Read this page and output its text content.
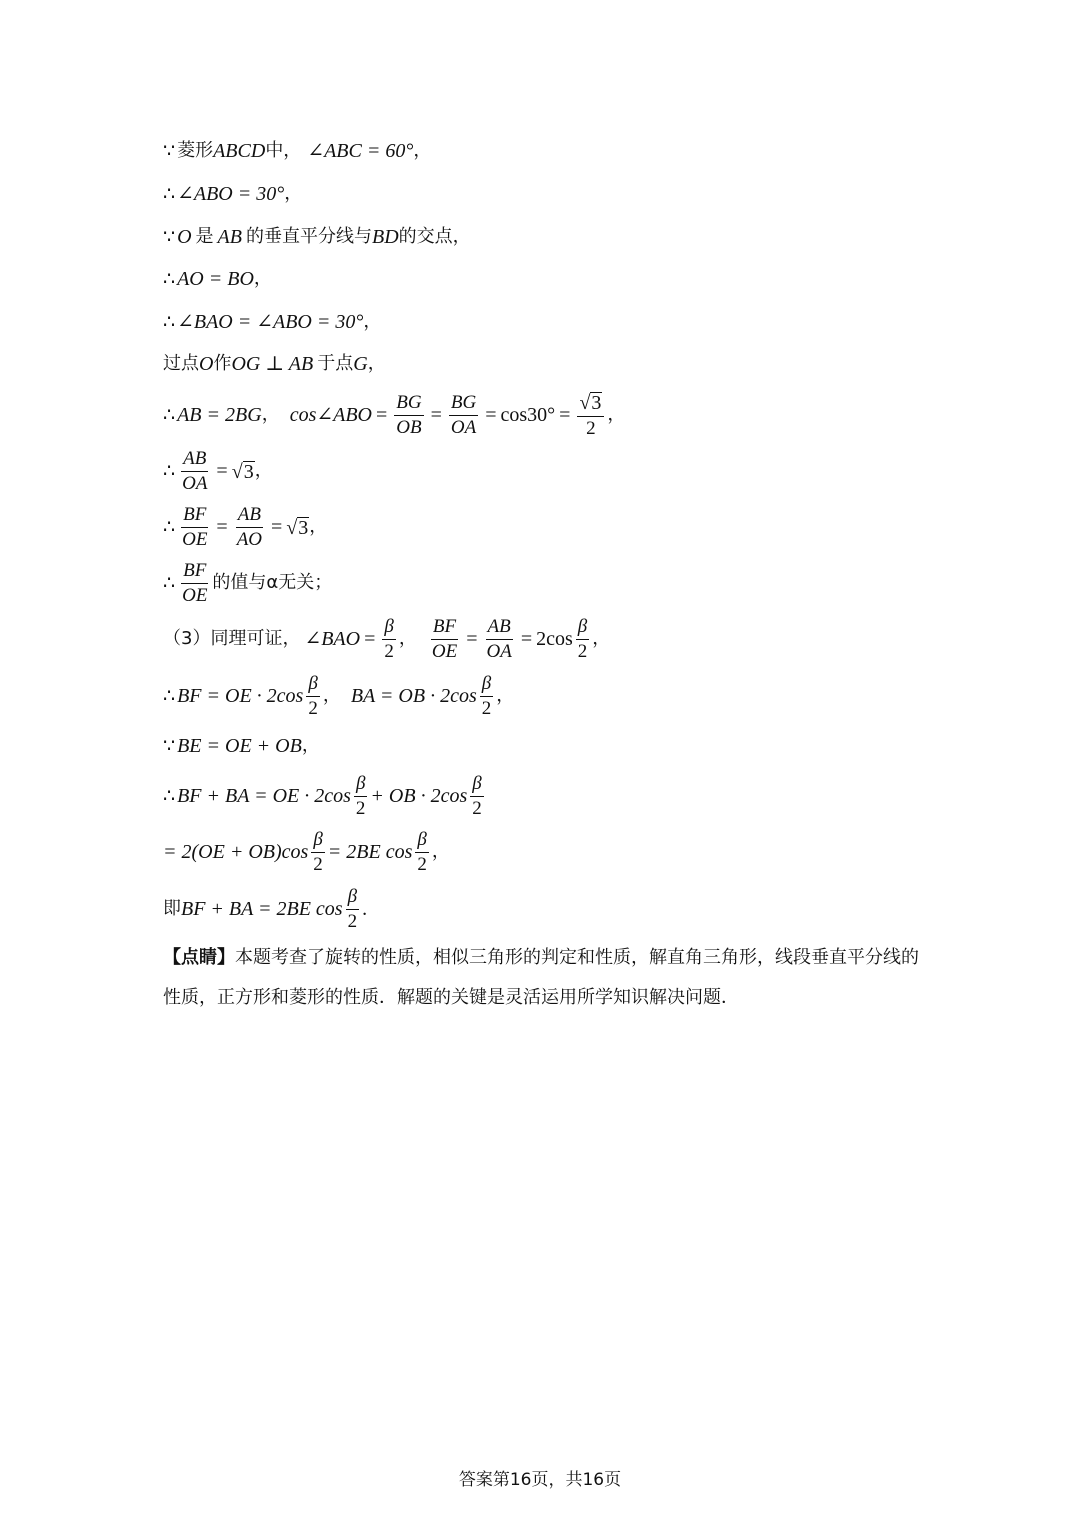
∵ 菱形 ABCD 中， ∠ABC = 60° ，
∴ ∠ABO = 30° ，
∵ O 是 AB 的垂直平分线与 BD 的交点，
∴ AO = BO ，
∴ ∠BAO = ∠ABO = 30° ，
过点 O 作 OG ⊥ AB 于点 G ，
∴ AB = 2BG ， cos∠ABO = $\frac{BG}{OB} = \frac{BG}{OA} = \cos 30^\circ = \frac{√ 3}{2}$ ，
∴ $\frac{AB}{OA}$ = √ 3 ，
∴ $\frac{BF}{OE} = \frac{AB}{AO}$ = √ 3 ，
∴ $\frac{BF}{OE}$ 的值与α无关；
（3）同理可证， ∠BAO = $\frac{\beta}{2}$ ， $\frac{BF}{OE} = \frac{AB}{OA} = 2\cos \frac{\beta}{2}$ ，
∴ BF = OE · $2\cos \frac{\beta}{2}$ ， BA = OB · $2\cos \frac{\beta}{2}$ ，
∵ BE = OE + OB ，
∴ BF + BA = OE · $2\cos \frac{\beta}{2}$ + OB · $2\cos \frac{\beta}{2}$
= $2(OE + OB)\cos \frac{\beta}{2} = 2BE$ $\cos \frac{\beta}{2}$ ，
即 BF + BA = 2BE $\cos \frac{\beta}{2}$ .
【点睛】本题考查了旋转的性质，相似三角形的判定和性质，解直角三角形，线段垂直平分线的性质，正方形和菱形的性质．解题的关键是灵活运用所学知识解决问题．
答案第16页，共16页
